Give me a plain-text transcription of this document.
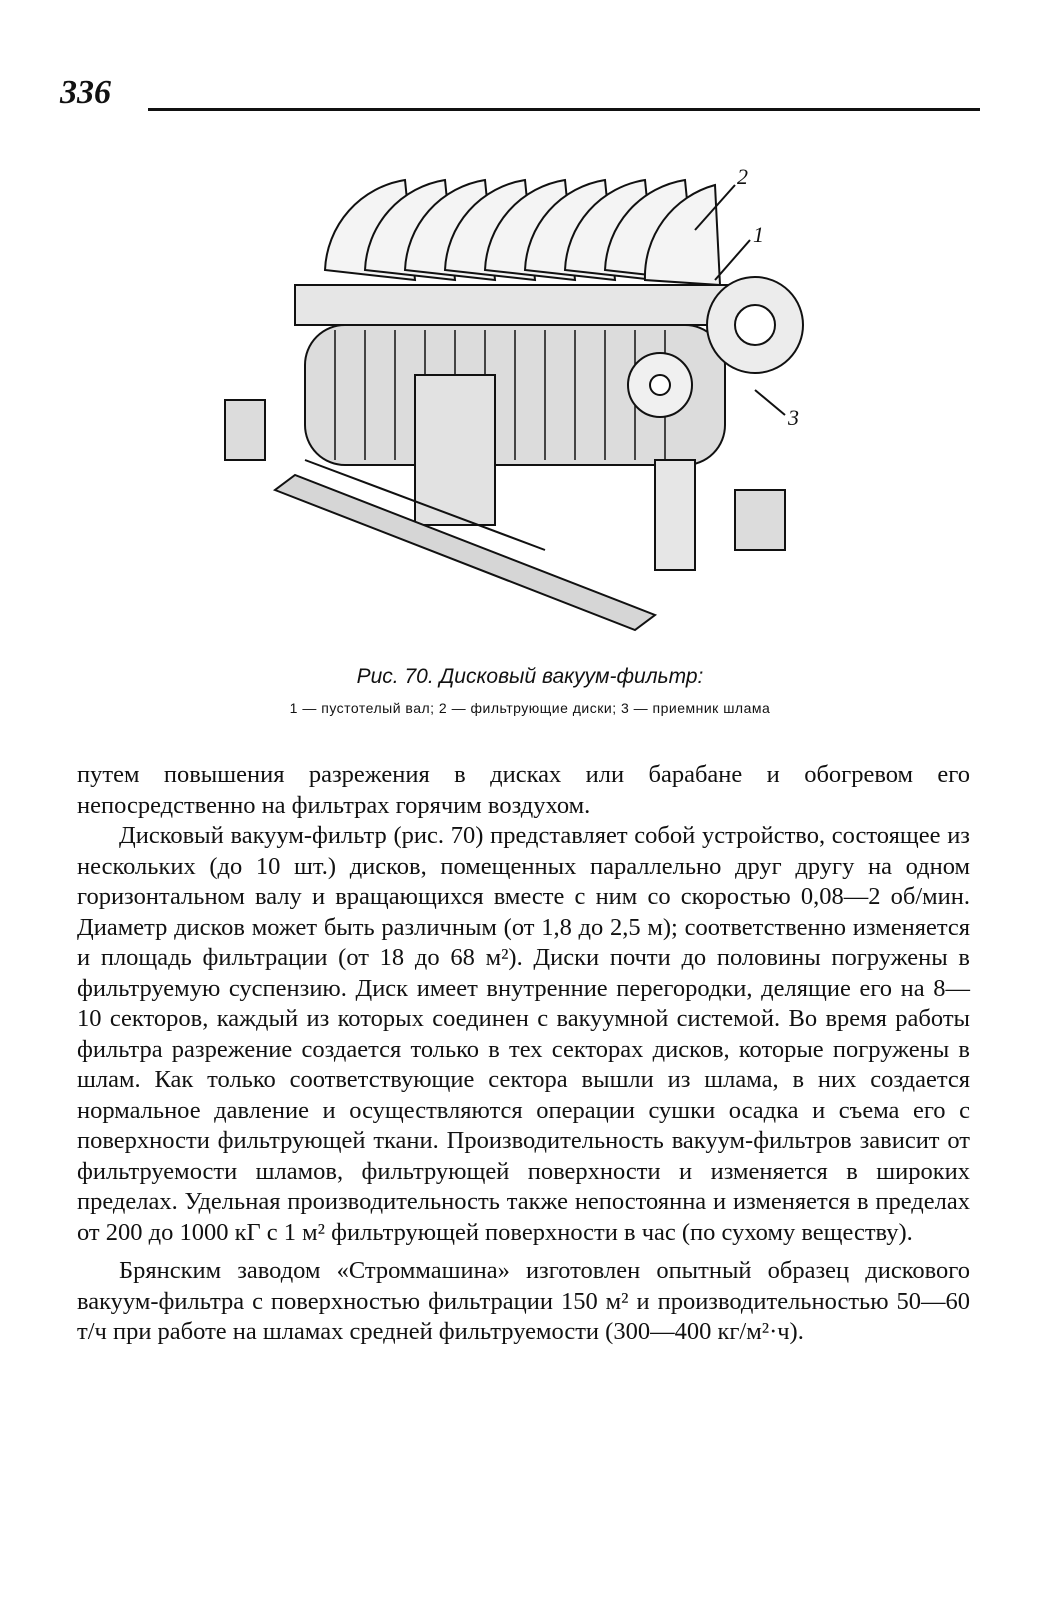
336
2
1
3
Рис. 70. Дисковый вакуум-фильтр:
1 — пустотелый вал; 2 — фильтрующие диски; 3 — приемник шлама

путем повышения разрежения в дисках или барабане и обогревом его непосредственно на фильтрах горячим воздухом.

Дисковый вакуум-фильтр (рис. 70) представляет собой устройство, состоящее из нескольких (до 10 шт.) дисков, помещенных параллельно друг другу на одном горизонтальном валу и вращающихся вместе с ним со скоростью 0,08—2 об/мин. Диаметр дисков может быть различным (от 1,8 до 2,5 м); соответственно изменяется и площадь фильтрации (от 18 до 68 м²). Диски почти до половины погружены в фильтруемую суспензию. Диск имеет внутренние перегородки, делящие его на 8—10 секторов, каждый из которых соединен с вакуумной системой. Во время работы фильтра разрежение создается только в тех секторах дисков, которые погружены в шлам. Как только соответствующие сектора вышли из шлама, в них создается нормальное давление и осуществляются операции сушки осадка и съема его с поверхности фильтрующей ткани. Производительность вакуум-фильтров зависит от фильтруемости шламов, фильтрующей поверхности и изменяется в широких пределах. Удельная производительность также непостоянна и изменяется в пределах от 200 до 1000 кГ с 1 м² фильтрующей поверхности в час (по сухому веществу).

Брянским заводом «Строммашина» изготовлен опытный образец дискового вакуум-фильтра с поверхностью фильтрации 150 м² и производительностью 50—60 т/ч при работе на шламах средней фильтруемости (300—400 кг/м²·ч).
